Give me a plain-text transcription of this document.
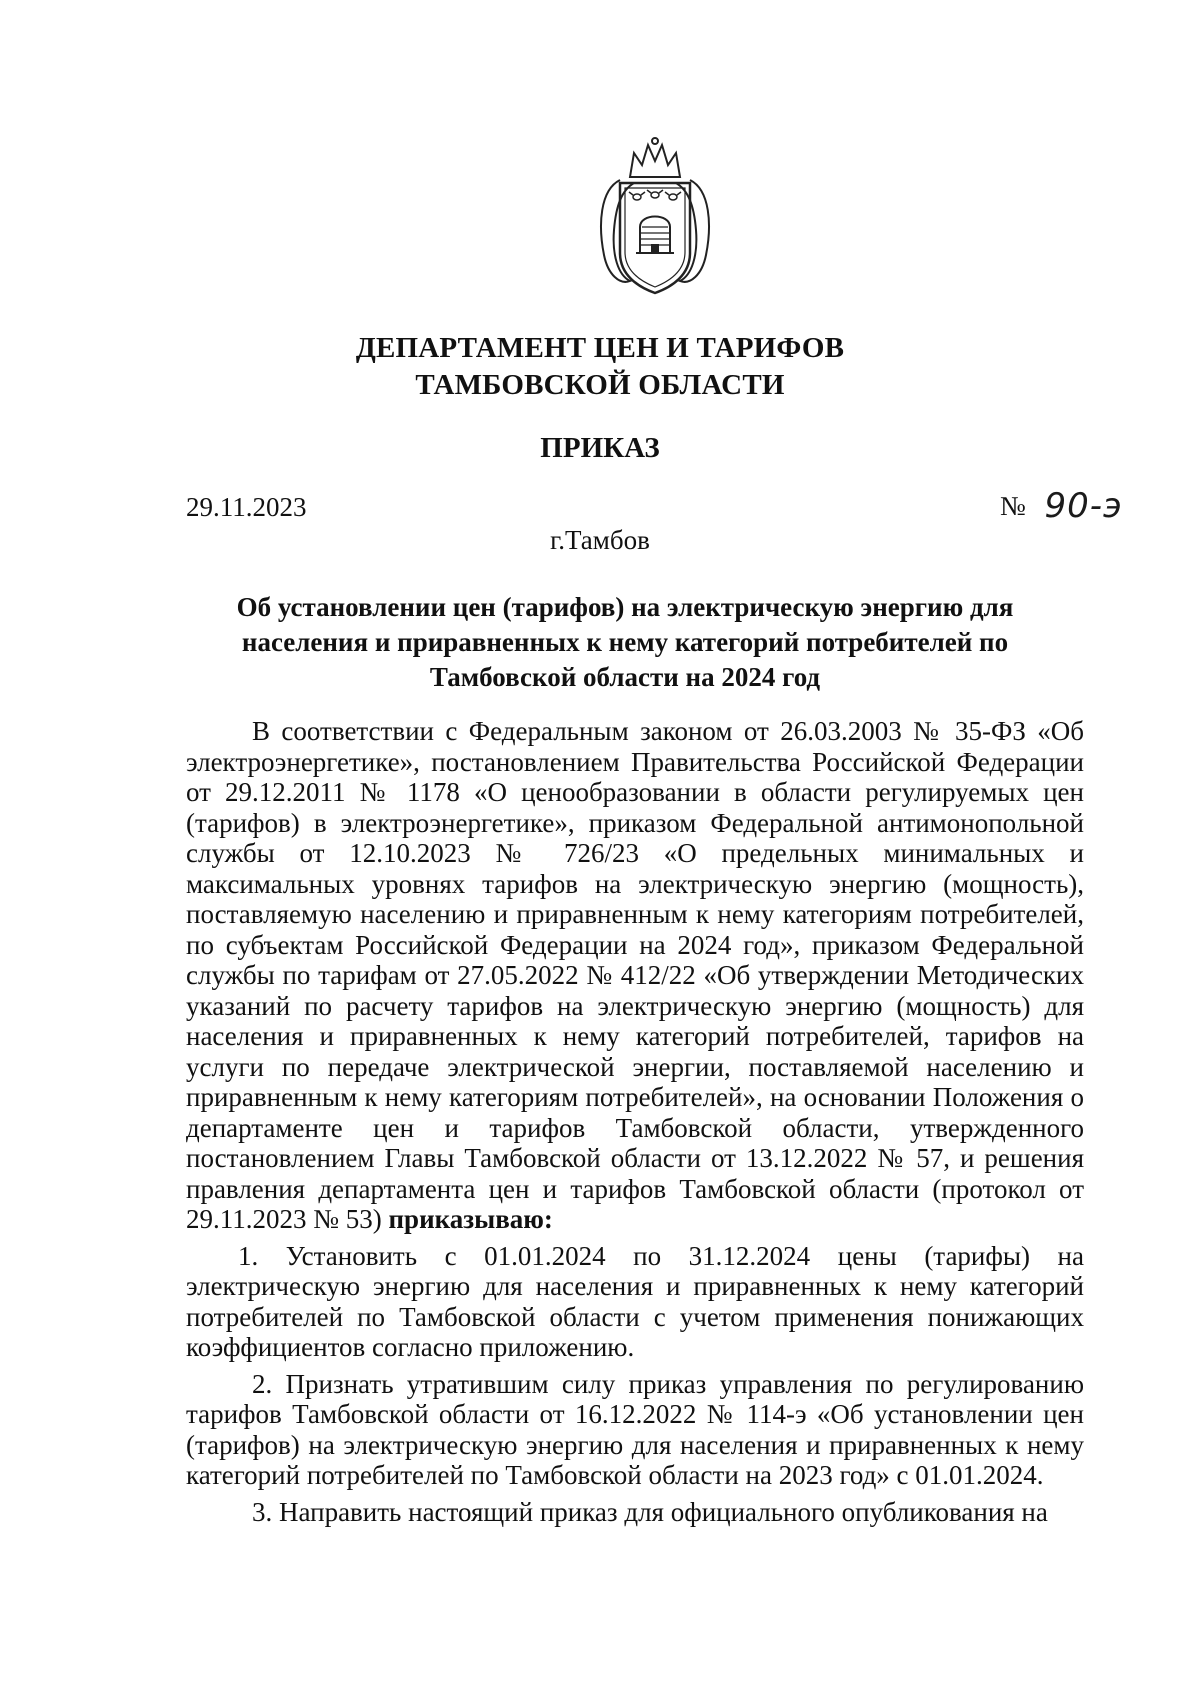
ДЕПАРТАМЕНТ ЦЕН И ТАРИФОВ
ТАМБОВСКОЙ ОБЛАСТИ
ПРИКАЗ
29.11.2023	№ 90-э
г.Тамбов
Об установлении цен (тарифов) на электрическую энергию для
населения и приравненных к нему категорий потребителей по
Тамбовской области на 2024 год

В соответствии с Федеральным законом от 26.03.2003 № 35-ФЗ «Об электроэнергетике», постановлением Правительства Российской Федерации от 29.12.2011 № 1178 «О ценообразовании в области регулируемых цен (тарифов) в электроэнергетике», приказом Федеральной антимонопольной службы от 12.10.2023 № 726/23 «О предельных минимальных и максимальных уровнях тарифов на электрическую энергию (мощность), поставляемую населению и приравненным к нему категориям потребителей, по субъектам Российской Федерации на 2024 год», приказом Федеральной службы по тарифам от 27.05.2022 № 412/22 «Об утверждении Методических указаний по расчету тарифов на электрическую энергию (мощность) для населения и приравненных к нему категорий потребителей, тарифов на услуги по передаче электрической энергии, поставляемой населению и приравненным к нему категориям потребителей», на основании Положения о департаменте цен и тарифов Тамбовской области, утвержденного постановлением Главы Тамбовской области от 13.12.2022 № 57, и решения правления департамента цен и тарифов Тамбовской области (протокол от 29.11.2023 № 53) приказываю:

1. Установить с 01.01.2024 по 31.12.2024 цены (тарифы) на электрическую энергию для населения и приравненных к нему категорий потребителей по Тамбовской области с учетом применения понижающих коэффициентов согласно приложению.

2. Признать утратившим силу приказ управления по регулированию тарифов Тамбовской области от 16.12.2022 № 114-э «Об установлении цен (тарифов) на электрическую энергию для населения и приравненных к нему категорий потребителей по Тамбовской области на 2023 год» с 01.01.2024.

3. Направить настоящий приказ для официального опубликования на
